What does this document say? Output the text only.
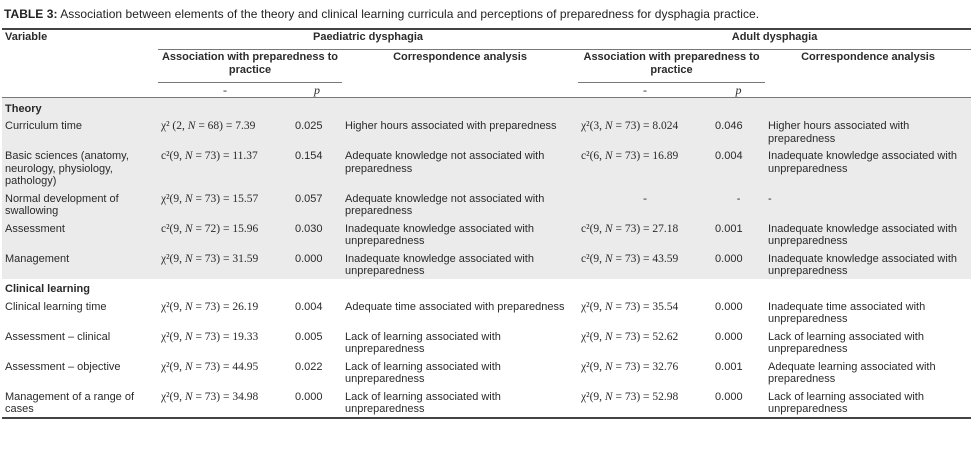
TABLE 3: Association between elements of the theory and clinical learning curricula and perceptions of preparedness for dysphagia practice.
Variable	Paediatric dysphagia			Adult dysphagia		
	Association with preparedness to practice		Correspondence analysis	Association with preparedness to practice		Correspondence analysis
	-	p		-	p	
Theory						
Curriculum time	χ² (2, N = 68) = 7.39	0.025	Higher hours associated with preparedness	χ²(3, N = 73) = 8.024	0.046	Higher hours associated with preparedness
Basic sciences (anatomy, neurology, physiology, pathology)	c²(9, N = 73) = 11.37	0.154	Adequate knowledge not associated with preparedness	c²(6, N = 73) = 16.89	0.004	Inadequate knowledge associated with unpreparedness
Normal development of swallowing	χ²(9, N = 73) = 15.57	0.057	Adequate knowledge not associated with preparedness	-	-	-
Assessment	c²(9, N = 72) = 15.96	0.030	Inadequate knowledge associated with unpreparedness	c²(9, N = 73) = 27.18	0.001	Inadequate knowledge associated with unpreparedness
Management	χ²(9, N = 73) = 31.59	0.000	Inadequate knowledge associated with unpreparedness	c²(9, N = 73) = 43.59	0.000	Inadequate knowledge associated with unpreparedness
Clinical learning						
Clinical learning time	χ²(9, N = 73) = 26.19	0.004	Adequate time associated with preparedness	χ²(9, N = 73) = 35.54	0.000	Inadequate time associated with unpreparedness
Assessment – clinical	χ²(9, N = 73) = 19.33	0.005	Lack of learning associated with unpreparedness	χ²(9, N = 73) = 52.62	0.000	Lack of learning associated with unpreparedness
Assessment – objective	χ²(9, N = 73) = 44.95	0.022	Lack of learning associated with unpreparedness	χ²(9, N = 73) = 32.76	0.001	Adequate learning associated with preparedness
Management of a range of cases	χ²(9, N = 73) = 34.98	0.000	Lack of learning associated with unpreparedness	χ²(9, N = 73) = 52.98	0.000	Lack of learning associated with unpreparedness
